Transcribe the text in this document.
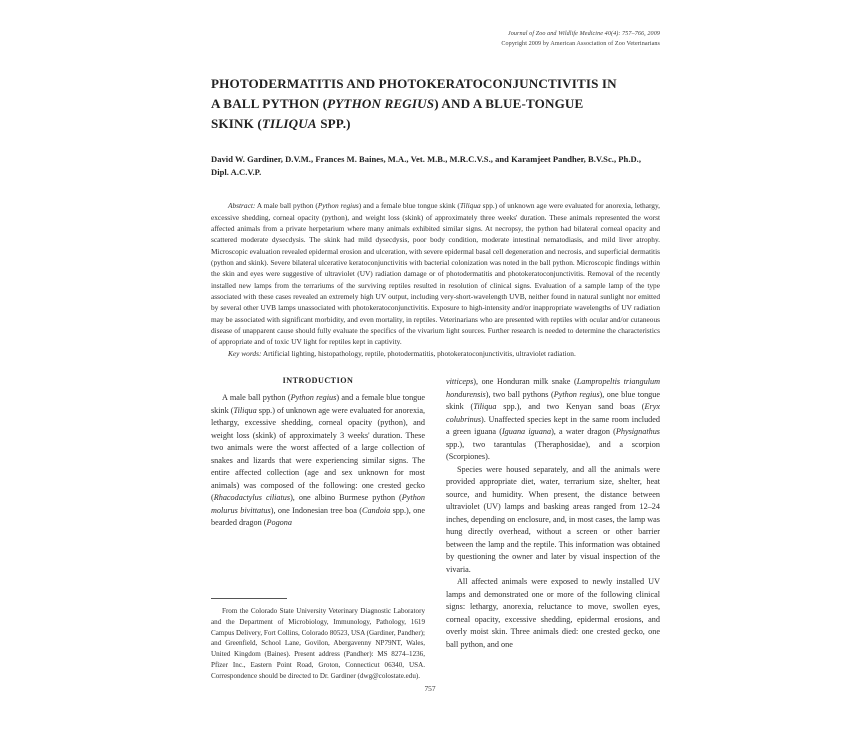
Journal of Zoo and Wildlife Medicine 40(4): 757–766, 2009
Copyright 2009 by American Association of Zoo Veterinarians
PHOTODERMATITIS AND PHOTOKERATOCONJUNCTIVITIS IN
A BALL PYTHON (PYTHON REGIUS) AND A BLUE-TONGUE
SKINK (TILIQUA SPP.)
David W. Gardiner, D.V.M., Frances M. Baines, M.A., Vet. M.B., M.R.C.V.S., and Karamjeet Pandher, B.V.Sc., Ph.D., Dipl. A.C.V.P.
Abstract: A male ball python (Python regius) and a female blue tongue skink (Tiliqua spp.) of unknown age were evaluated for anorexia, lethargy, excessive shedding, corneal opacity (python), and weight loss (skink) of approximately three weeks' duration. These animals represented the worst affected animals from a private herpetarium where many animals exhibited similar signs. At necropsy, the python had bilateral corneal opacity and scattered moderate dysecdysis. The skink had mild dysecdysis, poor body condition, moderate intestinal nematodiasis, and mild liver atrophy. Microscopic evaluation revealed epidermal erosion and ulceration, with severe epidermal basal cell degeneration and necrosis, and superficial dermatitis (python and skink). Severe bilateral ulcerative keratoconjunctivitis with bacterial colonization was noted in the ball python. Microscopic findings within the skin and eyes were suggestive of ultraviolet (UV) radiation damage or of photodermatitis and photokeratoconjunctivitis. Removal of the recently installed new lamps from the terrariums of the surviving reptiles resulted in resolution of clinical signs. Evaluation of a sample lamp of the type associated with these cases revealed an extremely high UV output, including very-short-wavelength UVB, neither found in natural sunlight nor emitted by several other UVB lamps unassociated with photokeratoconjunctivitis. Exposure to high-intensity and/or inappropriate wavelengths of UV radiation may be associated with significant morbidity, and even mortality, in reptiles. Veterinarians who are presented with reptiles with ocular and/or cutaneous disease of unapparent cause should fully evaluate the specifics of the vivarium light sources. Further research is needed to determine the characteristics of appropriate and of toxic UV light for reptiles kept in captivity.
Key words: Artificial lighting, histopathology, reptile, photodermatitis, photokeratoconjunctivitis, ultraviolet radiation.
INTRODUCTION

A male ball python (Python regius) and a female blue tongue skink (Tiliqua spp.) of unknown age were evaluated for anorexia, lethargy, excessive shedding, corneal opacity (python), and weight loss (skink) of approximately 3 weeks' duration. These two animals were the worst affected of a large collection of snakes and lizards that were experiencing similar signs. The entire affected collection (age and sex unknown for most animals) was composed of the following: one crested gecko (Rhacodactylus ciliatus), one albino Burmese python (Python molurus bivittatus), one Indonesian tree boa (Candoia spp.), one bearded dragon (Pogona

From the Colorado State University Veterinary Diagnostic Laboratory and the Department of Microbiology, Immunology, Pathology, 1619 Campus Delivery, Fort Collins, Colorado 80523, USA (Gardiner, Pandher); and Greenfield, School Lane, Govilon, Abergavenny NP79NT, Wales, United Kingdom (Baines). Present address (Pandher): MS 8274–1236, Pfizer Inc., Eastern Point Road, Groton, Connecticut 06340, USA. Correspondence should be directed to Dr. Gardiner (dwg@colostate.edu).

vitticeps), one Honduran milk snake (Lampropeltis triangulum hondurensis), two ball pythons (Python regius), one blue tongue skink (Tiliqua spp.), and two Kenyan sand boas (Eryx colubrinus). Unaffected species kept in the same room included a green iguana (Iguana iguana), a water dragon (Physignathus spp.), two tarantulas (Theraphosidae), and a scorpion (Scorpiones).

Species were housed separately, and all the animals were provided appropriate diet, water, terrarium size, shelter, heat source, and humidity. When present, the distance between ultraviolet (UV) lamps and basking areas ranged from 12–24 inches, depending on enclosure, and, in most cases, the lamp was hung directly overhead, without a screen or other barrier between the lamp and the reptile. This information was obtained by questioning the owner and later by visual inspection of the vivaria.

All affected animals were exposed to newly installed UV lamps and demonstrated one or more of the following clinical signs: lethargy, anorexia, reluctance to move, swollen eyes, corneal opacity, excessive shedding, epidermal erosions, and overly moist skin. Three animals died: one crested gecko, one ball python, and one

757
